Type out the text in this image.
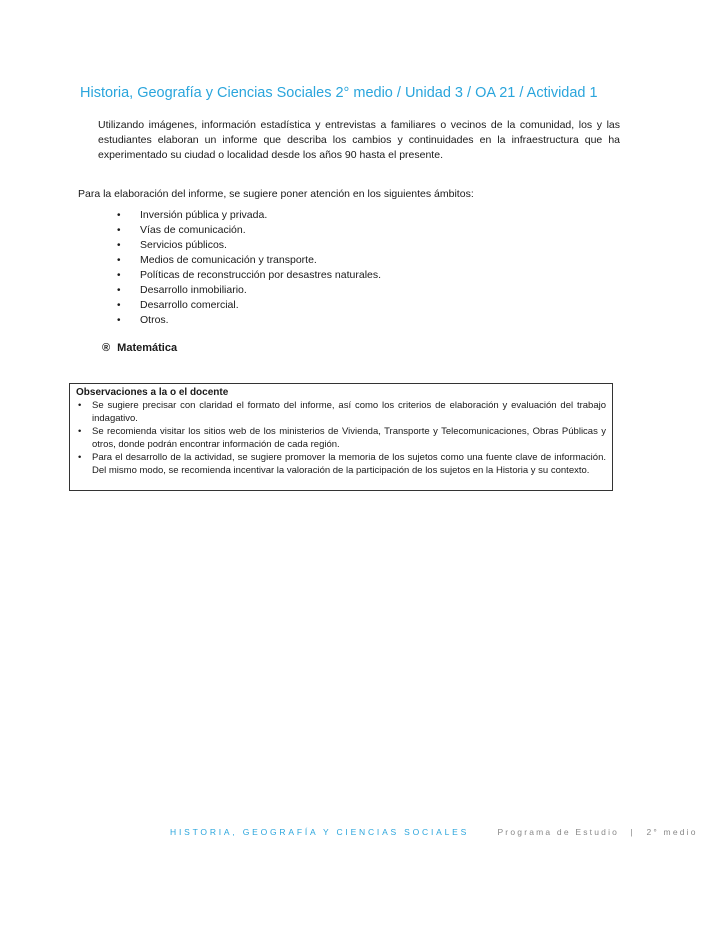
Historia, Geografía y Ciencias Sociales 2° medio / Unidad 3 / OA 21 / Actividad 1
Utilizando imágenes, información estadística y entrevistas a familiares o vecinos de la comunidad, los y las estudiantes elaboran un informe que describa los cambios y continuidades en la infraestructura que ha experimentado su ciudad o localidad desde los años 90 hasta el presente.
Para la elaboración del informe, se sugiere poner atención en los siguientes ámbitos:
• Inversión pública y privada.
• Vías de comunicación.
• Servicios públicos.
• Medios de comunicación y transporte.
• Políticas de reconstrucción por desastres naturales.
• Desarrollo inmobiliario.
• Desarrollo comercial.
• Otros.
® Matemática
Observaciones a la o el docente
• Se sugiere precisar con claridad el formato del informe, así como los criterios de elaboración y evaluación del trabajo indagativo.
• Se recomienda visitar los sitios web de los ministerios de Vivienda, Transporte y Telecomunicaciones, Obras Públicas y otros, donde podrán encontrar información de cada región.
• Para el desarrollo de la actividad, se sugiere promover la memoria de los sujetos como una fuente clave de información. Del mismo modo, se recomienda incentivar la valoración de la participación de los sujetos en la Historia y su contexto.
HISTORIA, GEOGRAFÍA Y CIENCIAS SOCIALES	Programa de Estudio | 2° medio
